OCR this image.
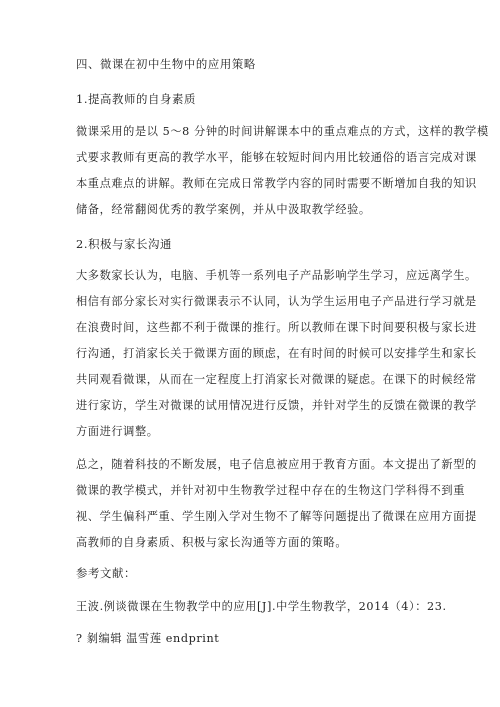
四、微课在初中生物中的应用策略
1.提高教师的自身素质
微课采用的是以 5～8 分钟的时间讲解课本中的重点难点的方式，这样的教学模
式要求教师有更高的教学水平，能够在较短时间内用比较通俗的语言完成对课
本重点难点的讲解。教师在完成日常教学内容的同时需要不断增加自我的知识
储备，经常翻阅优秀的教学案例，并从中汲取教学经验。
2.积极与家长沟通
大多数家长认为，电脑、手机等一系列电子产品影响学生学习，应远离学生。
相信有部分家长对实行微课表示不认同，认为学生运用电子产品进行学习就是
在浪费时间，这些都不利于微课的推行。所以教师在课下时间要积极与家长进
行沟通，打消家长关于微课方面的顾虑，在有时间的时候可以安排学生和家长
共同观看微课，从而在一定程度上打消家长对微课的疑虑。在课下的时候经常
进行家访，学生对微课的试用情况进行反馈，并针对学生的反馈在微课的教学
方面进行调整。
总之，随着科技的不断发展，电子信息被应用于教育方面。本文提出了新型的
微课的教学模式，并针对初中生物教学过程中存在的生物这门学科得不到重
视、学生偏科严重、学生刚入学对生物不了解等问题提出了微课在应用方面提
高教师的自身素质、积极与家长沟通等方面的策略。
参考文献：
王波.例谈微课在生物教学中的应用[J].中学生物教学，2014（4）：23.
? 剶编辑 温雪莲 endprint
